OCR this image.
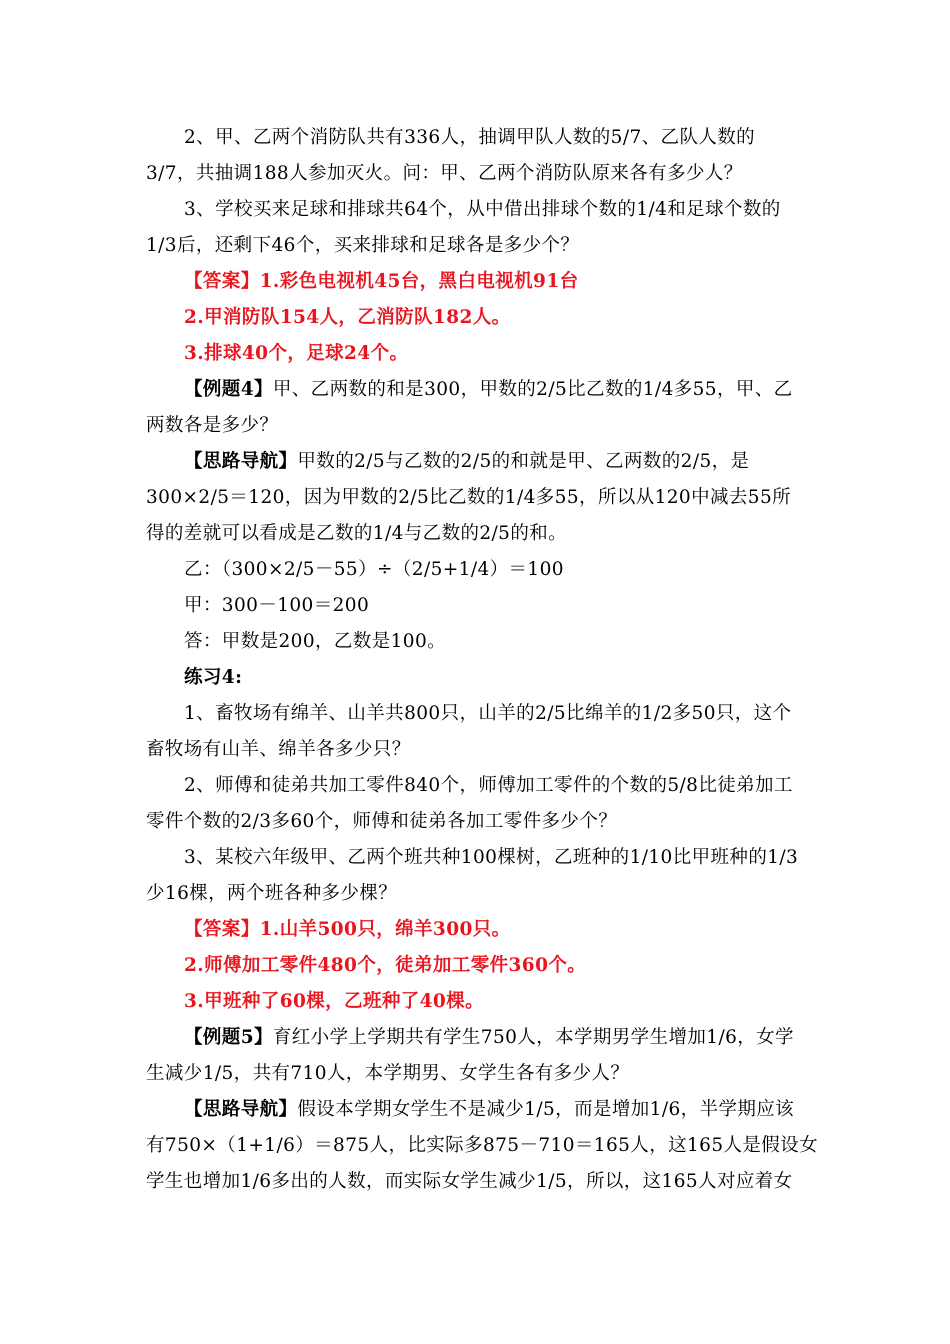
2、甲、乙两个消防队共有336人，抽调甲队人数的5/7、乙队人数的
3/7，共抽调188人参加灭火。问：甲、乙两个消防队原来各有多少人？
3、学校买来足球和排球共64个，从中借出排球个数的1/4和足球个数的
1/3后，还剩下46个，买来排球和足球各是多少个？
【答案】1.彩色电视机45台，黑白电视机91台
2.甲消防队154人，乙消防队182人。
3.排球40个，足球24个。
【例题4】甲、乙两数的和是300，甲数的2/5比乙数的1/4多55，甲、乙
两数各是多少？
【思路导航】甲数的2/5与乙数的2/5的和就是甲、乙两数的2/5，是
300×2/5＝120，因为甲数的2/5比乙数的1/4多55，所以从120中减去55所
得的差就可以看成是乙数的1/4与乙数的2/5的和。
乙：（300×2/5－55）÷（2/5+1/4）＝100
甲：300－100＝200
答：甲数是200，乙数是100。
练习4:
1、畜牧场有绵羊、山羊共800只，山羊的2/5比绵羊的1/2多50只，这个
畜牧场有山羊、绵羊各多少只？
2、师傅和徒弟共加工零件840个，师傅加工零件的个数的5/8比徒弟加工
零件个数的2/3多60个，师傅和徒弟各加工零件多少个？
3、某校六年级甲、乙两个班共种100棵树，乙班种的1/10比甲班种的1/3
少16棵，两个班各种多少棵？
【答案】1.山羊500只，绵羊300只。
2.师傅加工零件480个，徒弟加工零件360个。
3.甲班种了60棵，乙班种了40棵。
【例题5】育红小学上学期共有学生750人，本学期男学生增加1/6，女学
生减少1/5，共有710人，本学期男、女学生各有多少人？
【思路导航】假设本学期女学生不是减少1/5，而是增加1/6，半学期应该
有750×（1+1/6）＝875人，比实际多875－710＝165人，这165人是假设女
学生也增加1/6多出的人数，而实际女学生减少1/5，所以，这165人对应着女
